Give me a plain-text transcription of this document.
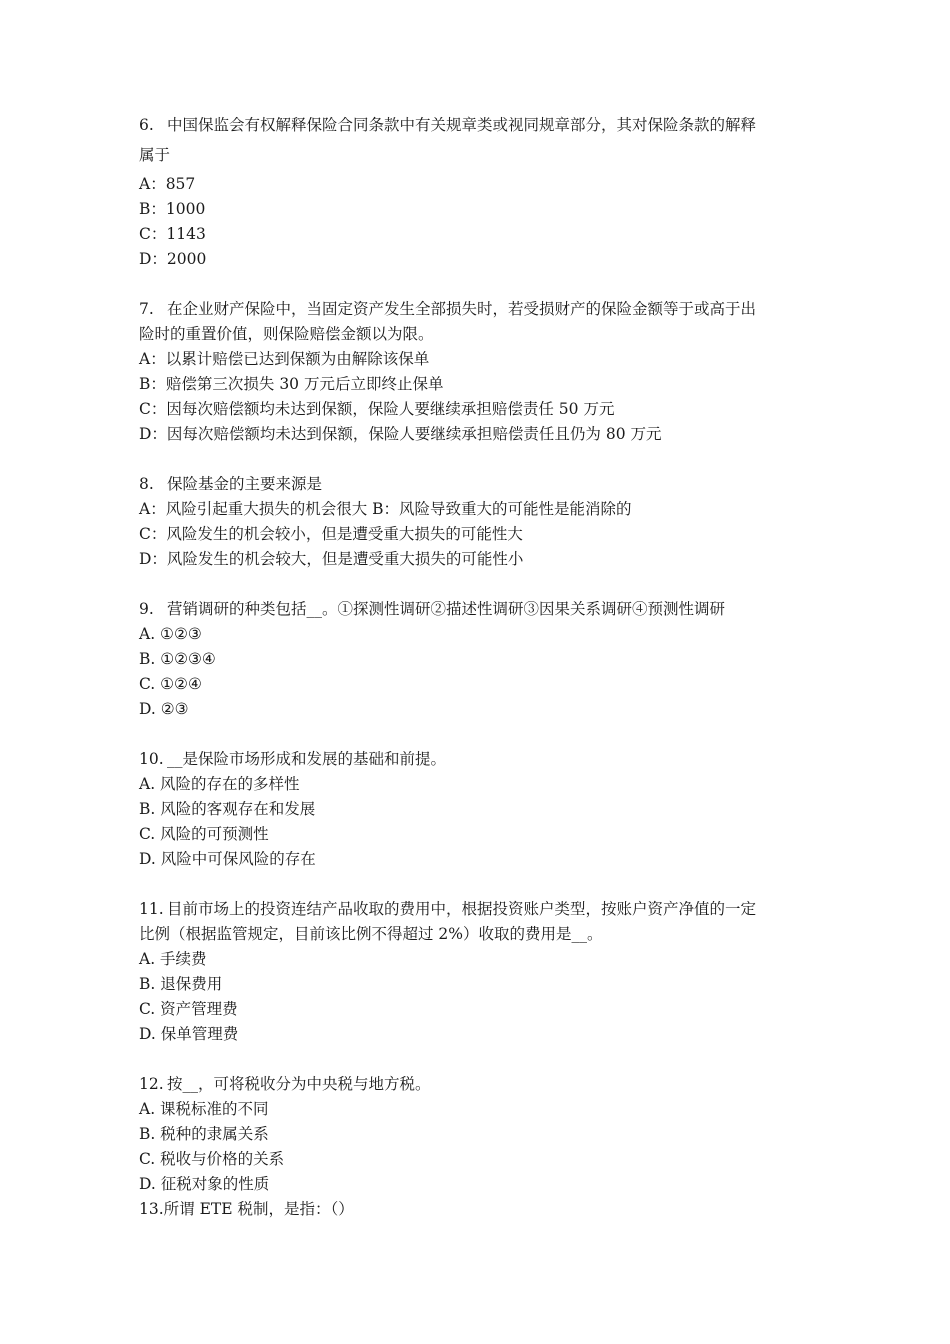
6. 中国保监会有权解释保险合同条款中有关规章类或视同规章部分，其对保险条款的解释
属于
A：857
B：1000
C：1143
D：2000
7. 在企业财产保险中，当固定资产发生全部损失时，若受损财产的保险金额等于或高于出
险时的重置价值，则保险赔偿金额以为限。
A：以累计赔偿已达到保额为由解除该保单
B：赔偿第三次损失 30 万元后立即终止保单
C：因每次赔偿额均未达到保额，保险人要继续承担赔偿责任 50 万元
D：因每次赔偿额均未达到保额，保险人要继续承担赔偿责任且仍为 80 万元
8. 保险基金的主要来源是
A：风险引起重大损失的机会很大 B：风险导致重大的可能性是能消除的
C：风险发生的机会较小，但是遭受重大损失的可能性大
D：风险发生的机会较大，但是遭受重大损失的可能性小
9. 营销调研的种类包括__。①探测性调研②描述性调研③因果关系调研④预测性调研
A. ①②③
B. ①②③④
C. ①②④
D. ②③
10. __是保险市场形成和发展的基础和前提。
A. 风险的存在的多样性
B. 风险的客观存在和发展
C. 风险的可预测性
D. 风险中可保风险的存在
11. 目前市场上的投资连结产品收取的费用中，根据投资账户类型，按账户资产净值的一定
比例（根据监管规定，目前该比例不得超过 2%）收取的费用是__。
A. 手续费
B. 退保费用
C. 资产管理费
D. 保单管理费
12. 按__，可将税收分为中央税与地方税。
A. 课税标准的不同
B. 税种的隶属关系
C. 税收与价格的关系
D. 征税对象的性质
13.所谓 ETE 税制，是指：（）
